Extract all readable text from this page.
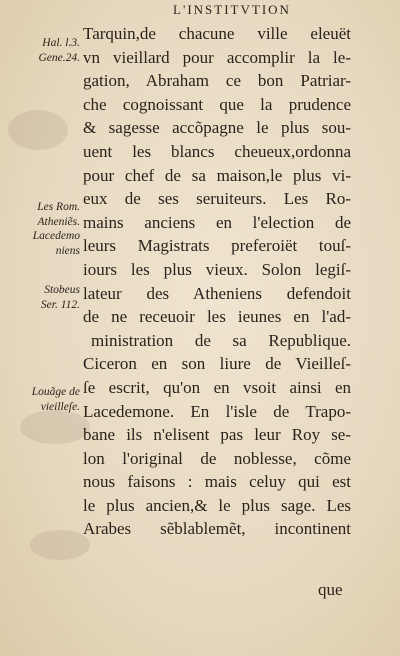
L'INSTITVTION
Hal. l.3.
Gene.24.
Les Rom.
Atheniẽs.
Lacedemo
niens
Stobeus
Ser. 112.
Louãge de
vieilleſe.
Tarquin,de chacune ville eleuët
vn vieillard pour accomplir la le-
gation, Abraham ce bon Patriar-
che cognoissant que la prudence
& sagesse accõpagne le plus sou-
uent les blancs cheueux,ordonna
pour chef de sa maison,le plus vi-
eux de ses seruiteurs. Les Ro-
mains anciens en l'election de
leurs Magistrats preferoiët touſ-
iours les plus vieux. Solon legiſ-
lateur des Atheniens defendoit
de ne receuoir les ieunes en l'ad-
ministration de sa Republique.
Ciceron en son liure de Vieilleſ-
ſe escrit, qu'on en vsoit ainsi en
Lacedemone. En l'isle de Trapo-
bane ils n'elisent pas leur Roy se-
lon l'original de noblesse, cõme
nous faisons : mais celuy qui est
le plus ancien,& le plus sage. Les
Arabes sẽblablemẽt, incontinent
que
